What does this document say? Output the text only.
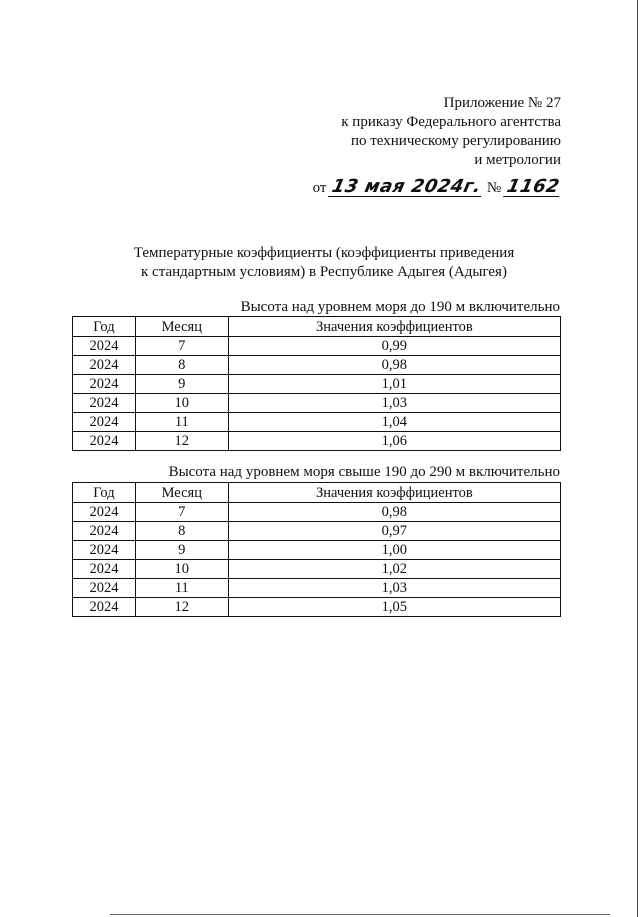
Приложение № 27
к приказу Федерального агентства
по техническому регулированию
и метрологии
от 13 мая 2024г. № 1162
Температурные коэффициенты (коэффициенты приведения
к стандартным условиям) в Республике Адыгея (Адыгея)
Высота над уровнем моря до 190 м включительно
Год	Месяц	Значения коэффициентов
2024	7	0,99
2024	8	0,98
2024	9	1,01
2024	10	1,03
2024	11	1,04
2024	12	1,06
Высота над уровнем моря свыше 190 до 290 м включительно
Год	Месяц	Значения коэффициентов
2024	7	0,98
2024	8	0,97
2024	9	1,00
2024	10	1,02
2024	11	1,03
2024	12	1,05
